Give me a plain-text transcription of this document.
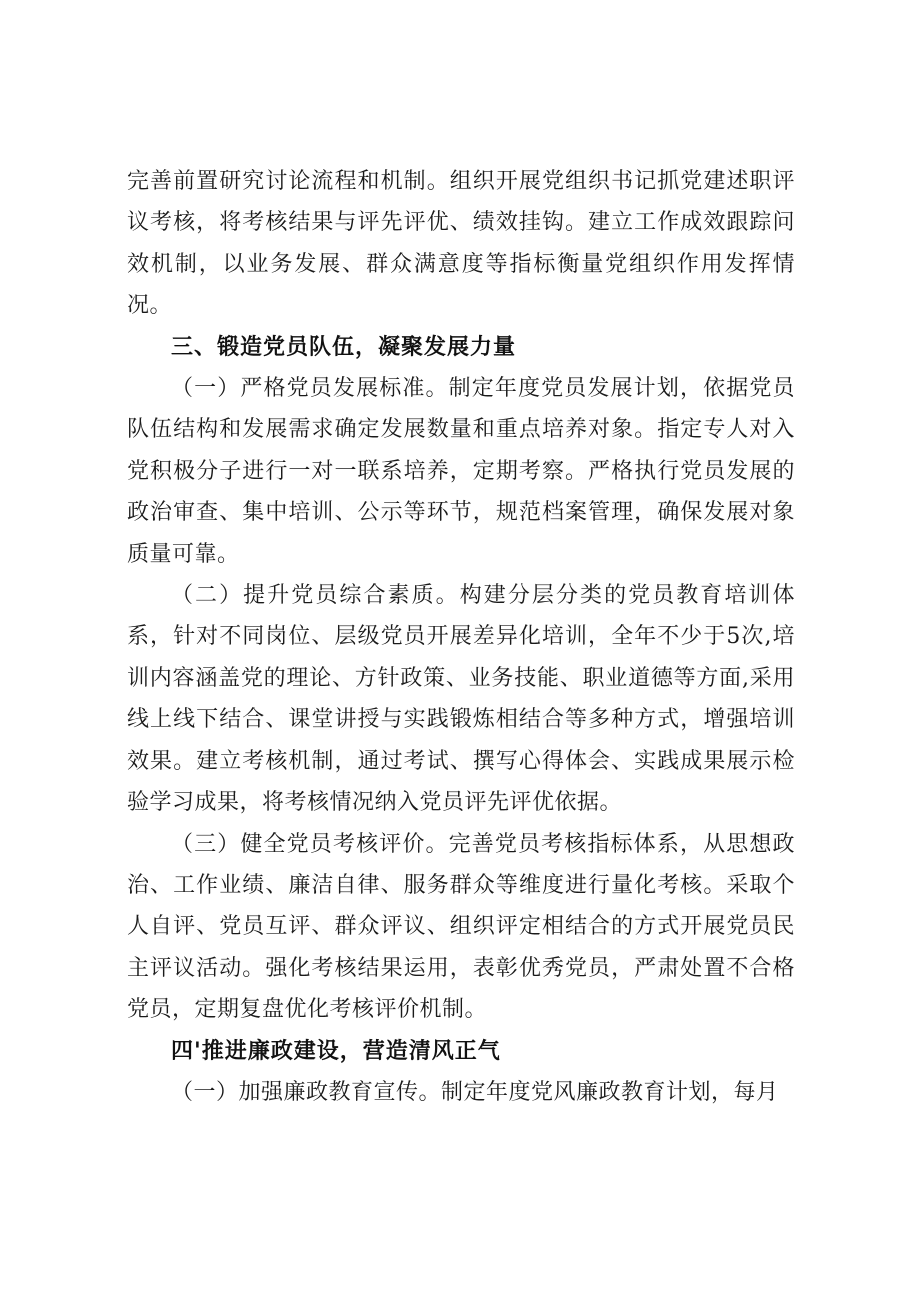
完善前置研究讨论流程和机制。组织开展党组织书记抓党建述职评议考核，将考核结果与评先评优、绩效挂钩。建立工作成效跟踪问效机制，以业务发展、群众满意度等指标衡量党组织作用发挥情况。

三、锻造党员队伍，凝聚发展力量

（一）严格党员发展标准。制定年度党员发展计划，依据党员队伍结构和发展需求确定发展数量和重点培养对象。指定专人对入党积极分子进行一对一联系培养，定期考察。严格执行党员发展的政治审查、集中培训、公示等环节，规范档案管理，确保发展对象质量可靠。

（二）提升党员综合素质。构建分层分类的党员教育培训体系，针对不同岗位、层级党员开展差异化培训，全年不少于5次,培训内容涵盖党的理论、方针政策、业务技能、职业道德等方面,采用线上线下结合、课堂讲授与实践锻炼相结合等多种方式，增强培训效果。建立考核机制，通过考试、撰写心得体会、实践成果展示检验学习成果，将考核情况纳入党员评先评优依据。

（三）健全党员考核评价。完善党员考核指标体系，从思想政治、工作业绩、廉洁自律、服务群众等维度进行量化考核。采取个人自评、党员互评、群众评议、组织评定相结合的方式开展党员民主评议活动。强化考核结果运用，表彰优秀党员，严肃处置不合格党员，定期复盘优化考核评价机制。

四'推进廉政建设，营造清风正气

（一）加强廉政教育宣传。制定年度党风廉政教育计划，每月
